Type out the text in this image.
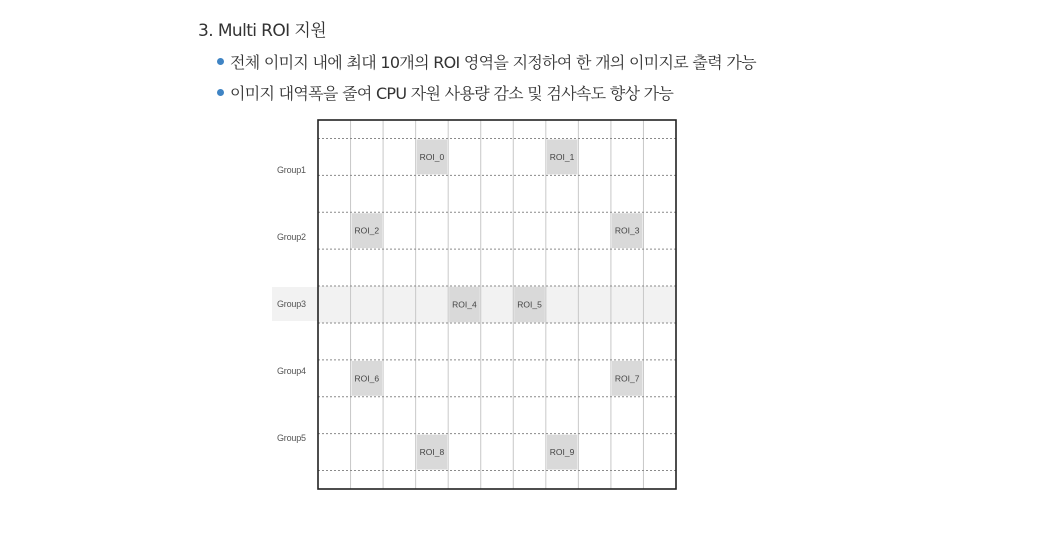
3. Multi ROI 지원
전체 이미지 내에 최대 10개의 ROI 영역을 지정하여 한 개의 이미지로 출력 가능
이미지 대역폭을 줄여 CPU 자원 사용량 감소 및 검사속도 향상 가능
Group1
Group2
Group3
Group4
Group5
ROI_0	ROI_1
ROI_2	ROI_3
ROI_4	ROI_5
ROI_6	ROI_7
ROI_8	ROI_9
